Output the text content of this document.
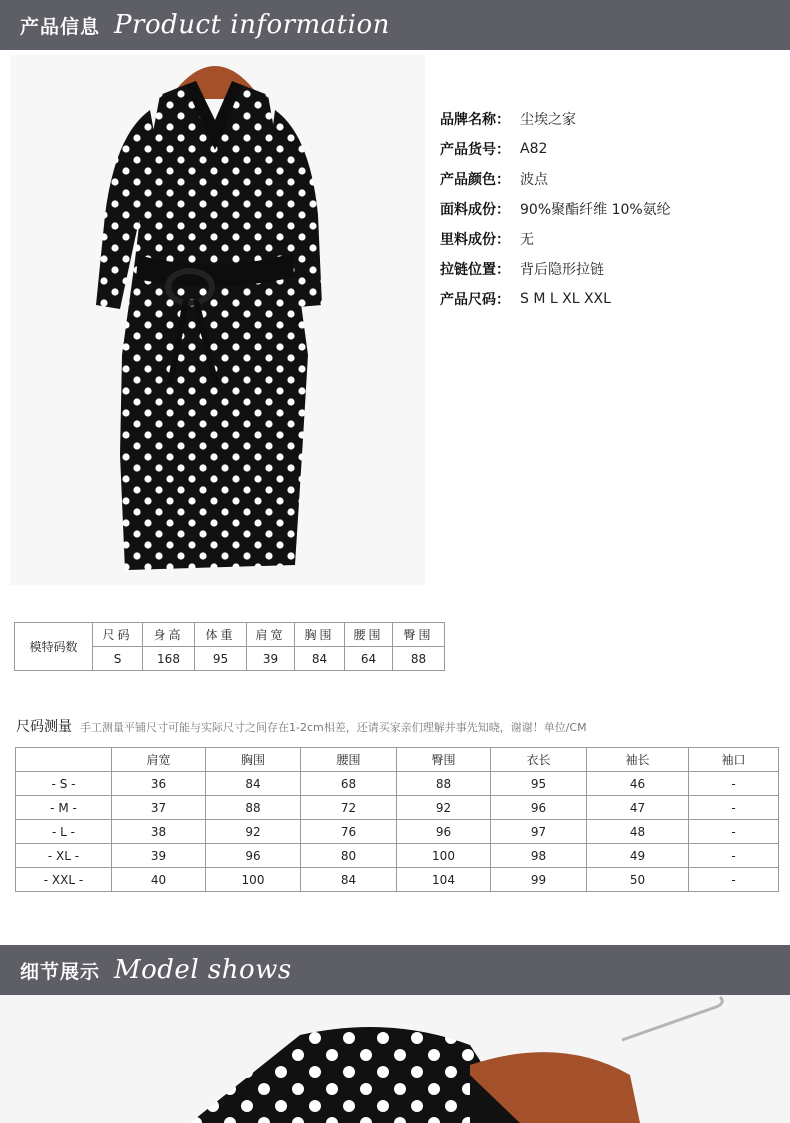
产品信息 Product information
品牌名称： 尘埃之家
产品货号： A82
产品颜色： 波点
面料成份： 90%聚酯纤维 10%氨纶
里料成份： 无
拉链位置： 背后隐形拉链
产品尺码： S M L XL XXL
模特码数	尺码	身高	体重	肩宽	胸围	腰围	臀围
	S	168	95	39	84	64	88
尺码测量 手工测量平铺尺寸可能与实际尺寸之间存在1-2cm相差，还请买家亲们理解并事先知晓，谢谢！单位/CM
	肩宽	胸围	腰围	臀围	衣长	袖长	袖口
- S -	36	84	68	88	95	46	-
- M -	37	88	72	92	96	47	-
- L -	38	92	76	96	97	48	-
- XL -	39	96	80	100	98	49	-
- XXL -	40	100	84	104	99	50	-
细节展示 Model shows
